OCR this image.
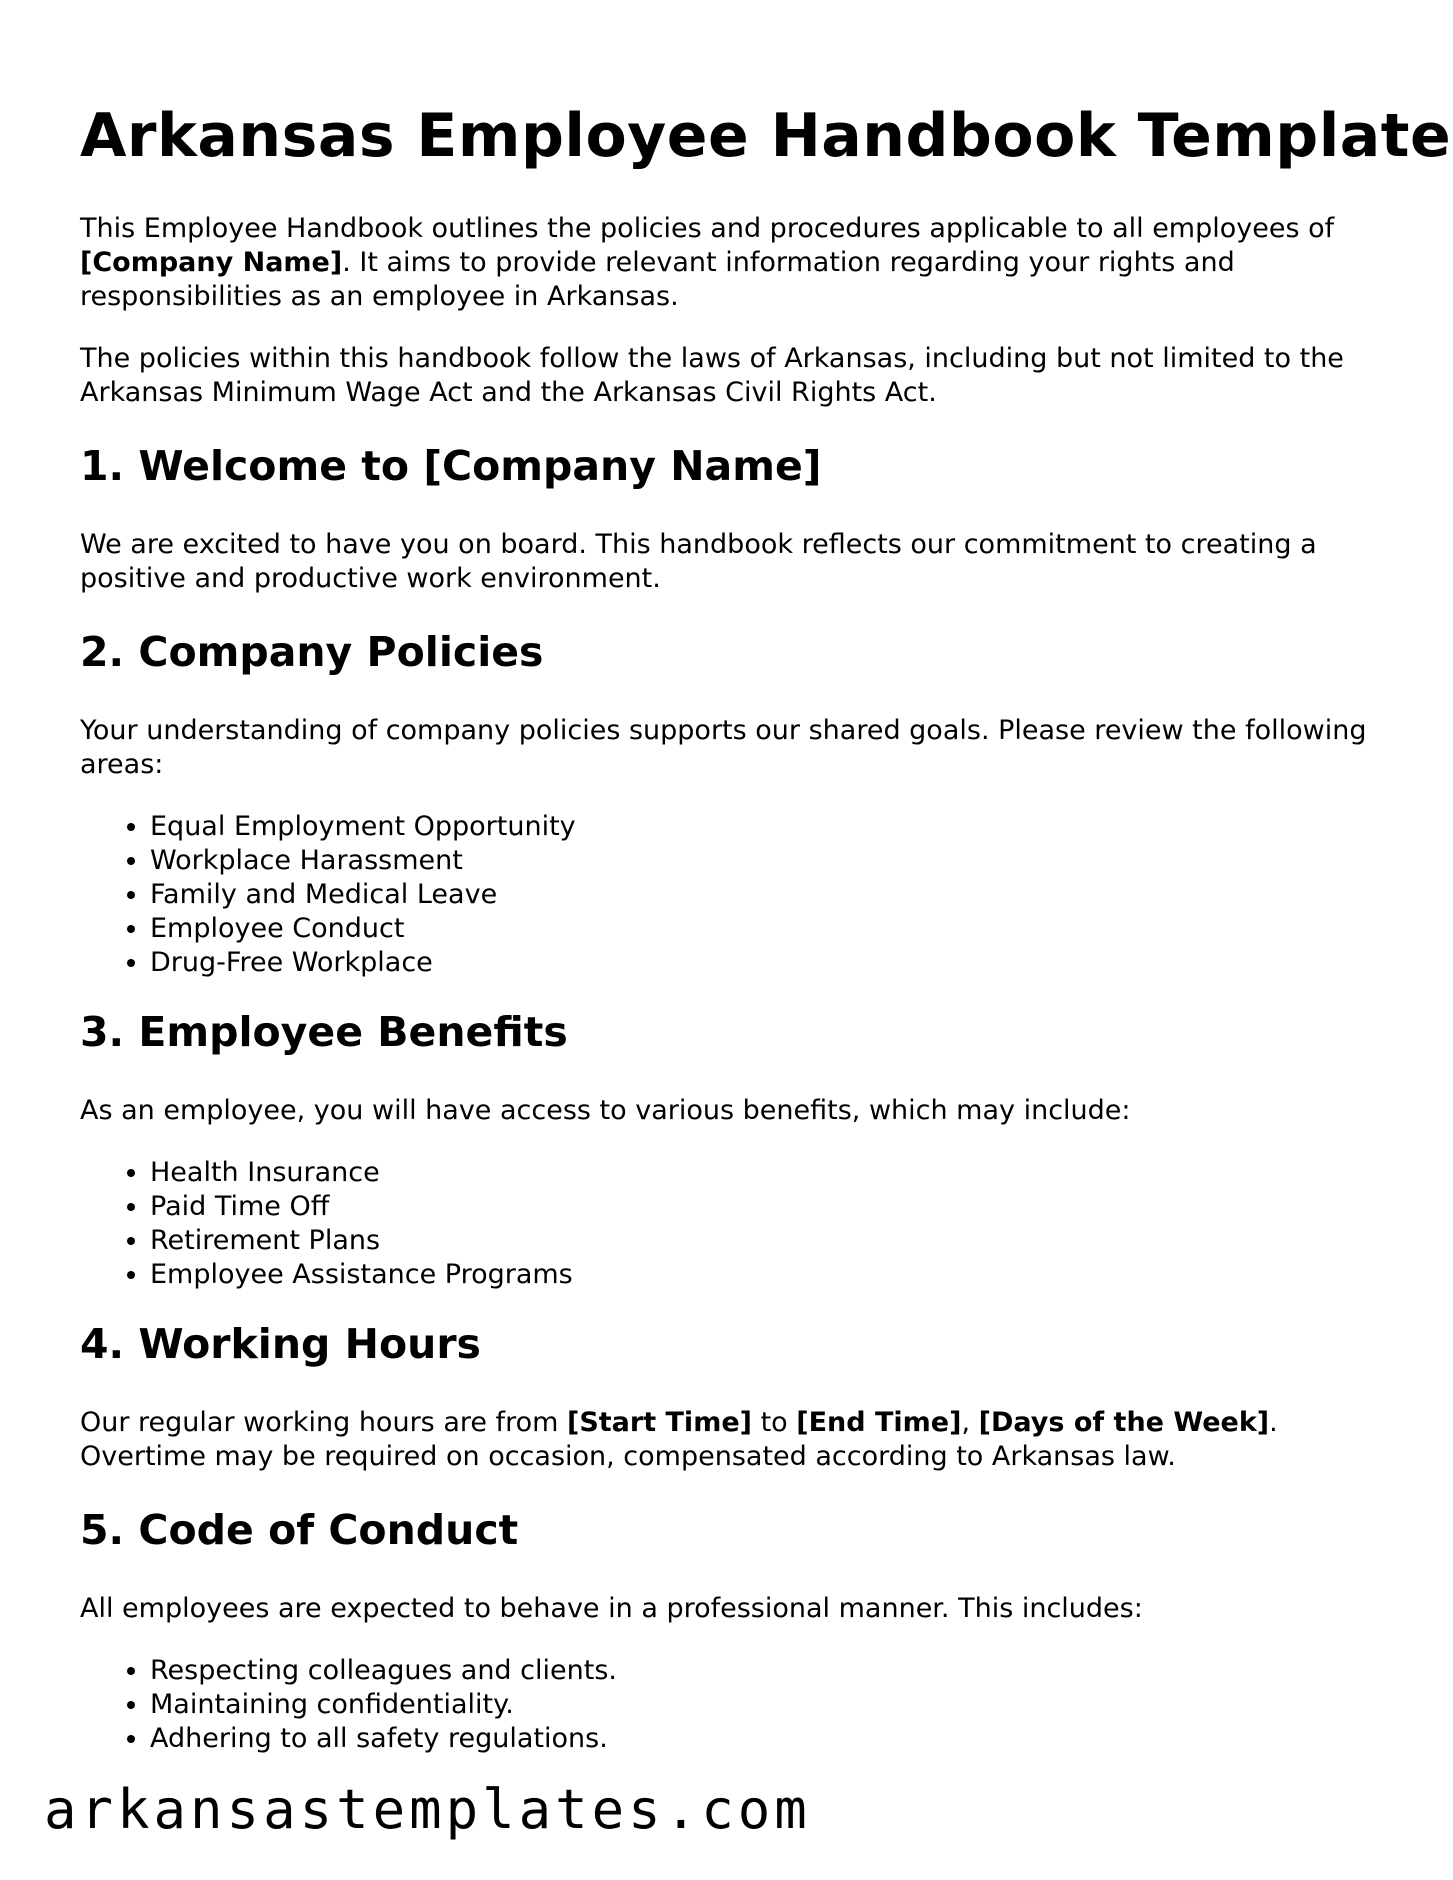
Arkansas Employee Handbook Template

This Employee Handbook outlines the policies and procedures applicable to all employees of [Company Name]. It aims to provide relevant information regarding your rights and responsibilities as an employee in Arkansas.

The policies within this handbook follow the laws of Arkansas, including but not limited to the Arkansas Minimum Wage Act and the Arkansas Civil Rights Act.

1. Welcome to [Company Name]

We are excited to have you on board. This handbook reflects our commitment to creating a positive and productive work environment.

2. Company Policies

Your understanding of company policies supports our shared goals. Please review the following areas:

• Equal Employment Opportunity
• Workplace Harassment
• Family and Medical Leave
• Employee Conduct
• Drug-Free Workplace
3. Employee Benefits

As an employee, you will have access to various benefits, which may include:

• Health Insurance
• Paid Time Off
• Retirement Plans
• Employee Assistance Programs
4. Working Hours

Our regular working hours are from [Start Time] to [End Time], [Days of the Week]. Overtime may be required on occasion, compensated according to Arkansas law.

5. Code of Conduct

All employees are expected to behave in a professional manner. This includes:

• Respecting colleagues and clients.
• Maintaining confidentiality.
• Adhering to all safety regulations.
arkansastemplates.com
